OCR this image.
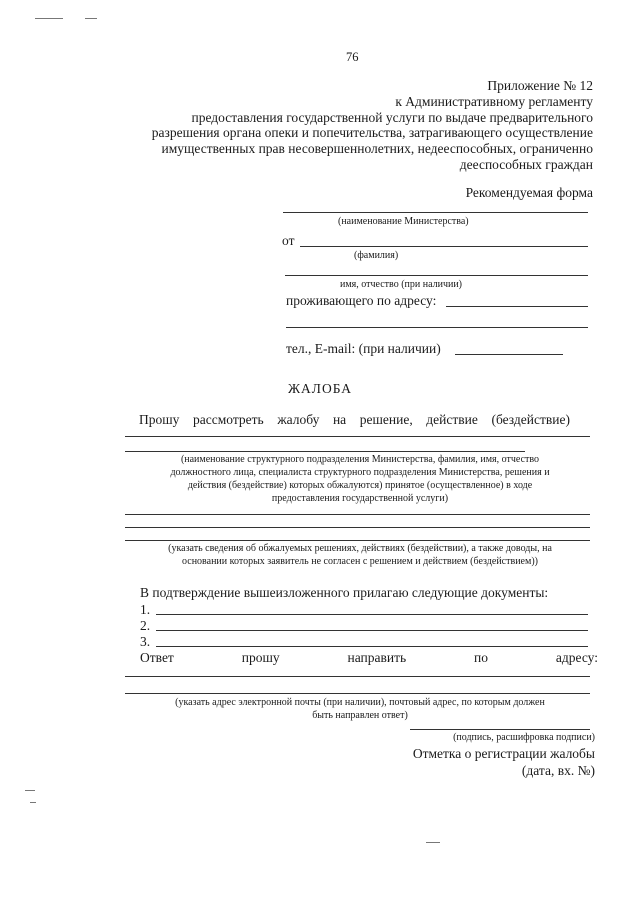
76
Приложение № 12
к Административному регламенту
предоставления государственной услуги по выдаче предварительного
разрешения органа опеки и попечительства, затрагивающего осуществление
имущественных прав несовершеннолетних, недееспособных, ограниченно
дееспособных граждан
Рекомендуемая форма
(наименование Министерства)
от
(фамилия)
имя, отчество (при наличии)
проживающего по адресу:
тел., E-mail: (при наличии)
ЖАЛОБА
Прошу рассмотреть жалобу на решение, действие (бездействие)
(наименование структурного подразделения Министерства, фамилия, имя, отчество
должностного лица, специалиста структурного подразделения Министерства, решения и
действия (бездействие) которых обжалуются) принятое (осуществленное) в ходе
предоставления государственной услуги)
(указать сведения об обжалуемых решениях, действиях (бездействии), а также доводы, на
основании которых заявитель не согласен с решением и действием (бездействием))
В подтверждение вышеизложенного прилагаю следующие документы:
1.
2.
3.
Ответ	прошу	направить	по	адресу:
(указать адрес электронной почты (при наличии), почтовый адрес, по которым должен
быть направлен ответ)
(подпись, расшифровка подписи)
Отметка о регистрации жалобы
(дата, вх. №)
